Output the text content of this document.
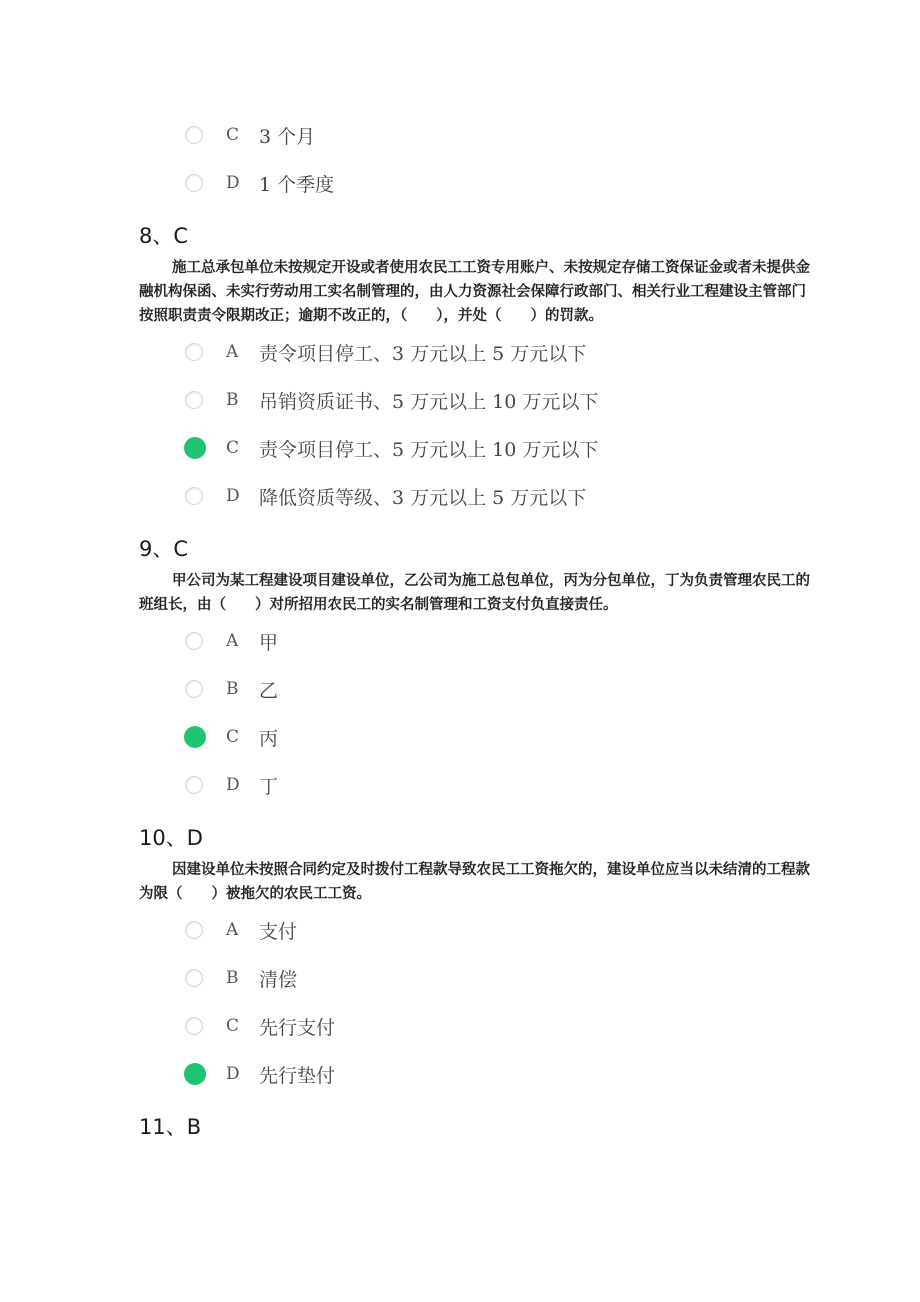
C	3 个月
D	1 个季度
8、C
施工总承包单位未按规定开设或者使用农民工工资专用账户、未按规定存储工资保证金或者未提供金融机构保函、未实行劳动用工实名制管理的，由人力资源社会保障行政部门、相关行业工程建设主管部门按照职责责令限期改正；逾期不改正的，（　　），并处（　　）的罚款。
A	责令项目停工、3 万元以上 5 万元以下
B	吊销资质证书、5 万元以上 10 万元以下
C	责令项目停工、5 万元以上 10 万元以下
D	降低资质等级、3 万元以上 5 万元以下
9、C
甲公司为某工程建设项目建设单位，乙公司为施工总包单位，丙为分包单位，丁为负责管理农民工的班组长，由（　　）对所招用农民工的实名制管理和工资支付负直接责任。
A	甲
B	乙
C	丙
D	丁
10、D
因建设单位未按照合同约定及时拨付工程款导致农民工工资拖欠的，建设单位应当以未结清的工程款为限（　　）被拖欠的农民工工资。
A	支付
B	清偿
C	先行支付
D	先行垫付
11、B
